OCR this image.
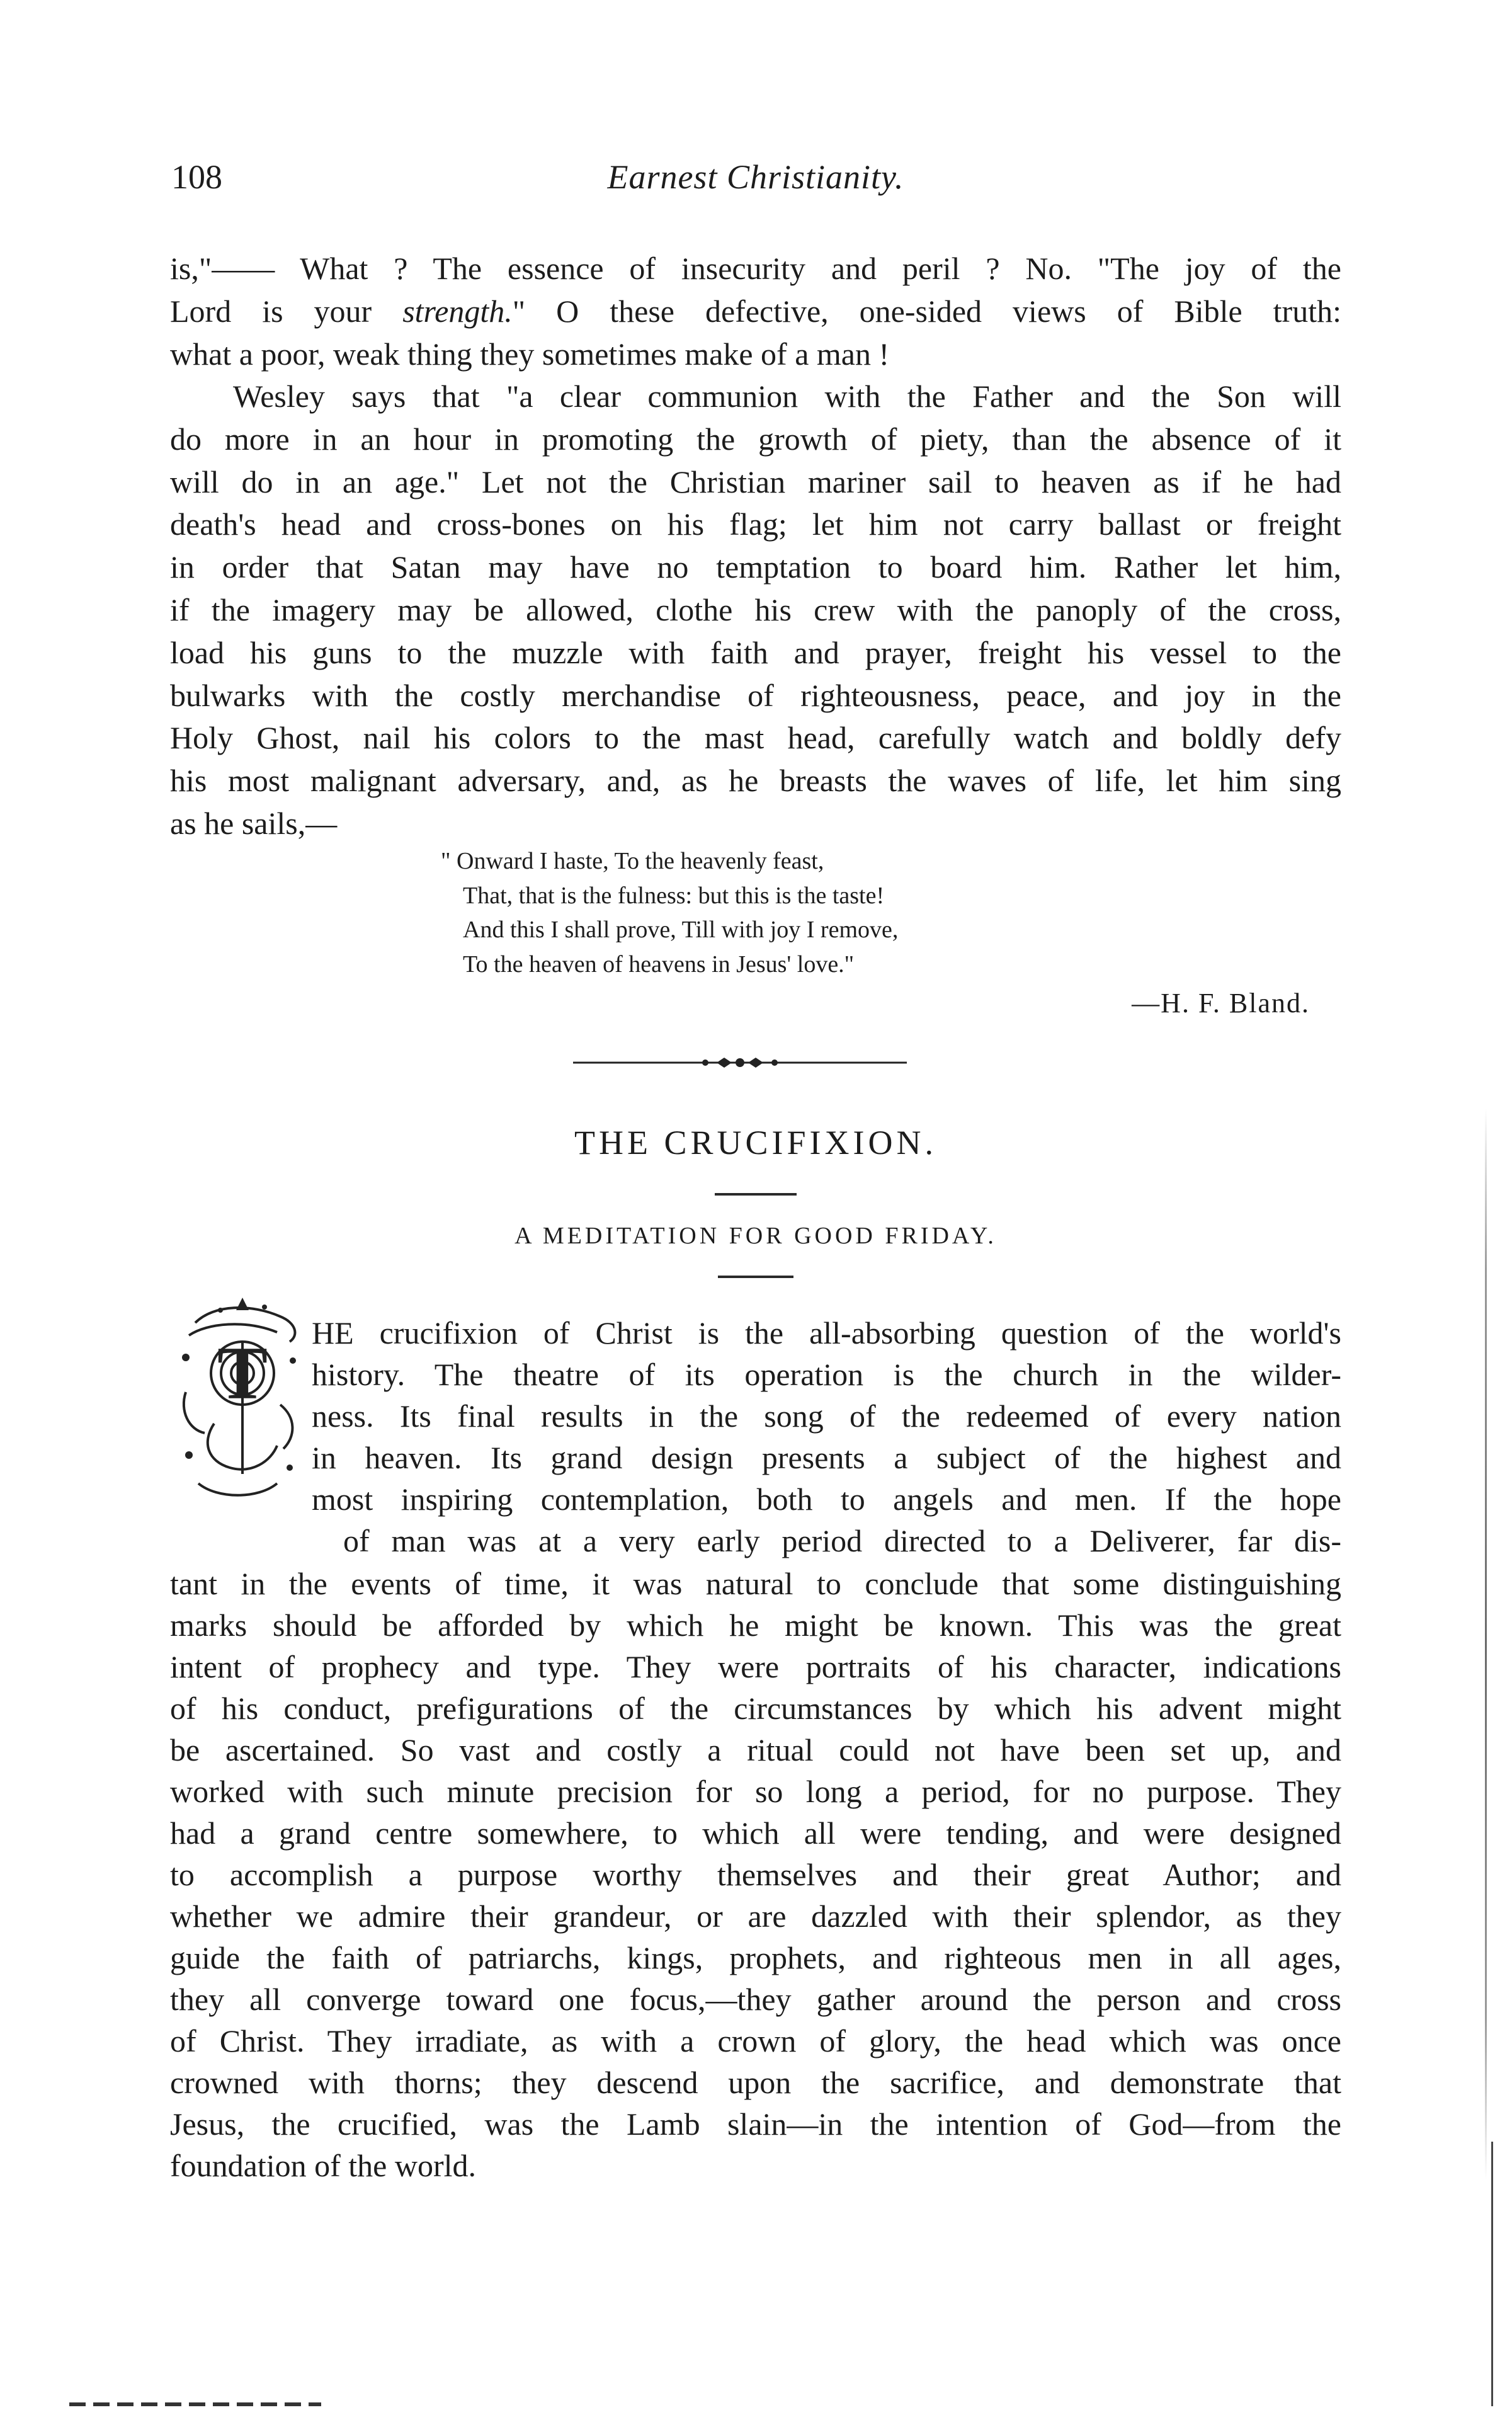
108	Earnest Christianity.

is,"—— What ? The essence of insecurity and peril ? No. "The joy of the
Lord is your strength." O these defective, one-sided views of Bible truth:
what a poor, weak thing they sometimes make of a man !

Wesley says that "a clear communion with the Father and the Son will
do more in an hour in promoting the growth of piety, than the absence of it
will do in an age." Let not the Christian mariner sail to heaven as if he had
death's head and cross-bones on his flag; let him not carry ballast or freight
in order that Satan may have no temptation to board him. Rather let him,
if the imagery may be allowed, clothe his crew with the panoply of the cross,
load his guns to the muzzle with faith and prayer, freight his vessel to the
bulwarks with the costly merchandise of righteousness, peace, and joy in the
Holy Ghost, nail his colors to the mast head, carefully watch and boldly defy
his most malignant adversary, and, as he breasts the waves of life, let him sing
as he sails,—

" Onward I haste, To the heavenly feast,
That, that is the fulness: but this is the taste!
And this I shall prove, Till with joy I remove,
To the heaven of heavens in Jesus' love."
—H. F. Bland.
THE CRUCIFIXION.
A MEDITATION FOR GOOD FRIDAY.
T HE crucifixion of Christ is the all-absorbing question of the world's
history. The theatre of its operation is the church in the wilder-
ness. Its final results in the song of the redeemed of every nation
in heaven. Its grand design presents a subject of the highest and
most inspiring contemplation, both to angels and men. If the hope
of man was at a very early period directed to a Deliverer, far dis-
tant in the events of time, it was natural to conclude that some distinguishing
marks should be afforded by which he might be known. This was the great
intent of prophecy and type. They were portraits of his character, indications
of his conduct, prefigurations of the circumstances by which his advent might
be ascertained. So vast and costly a ritual could not have been set up, and
worked with such minute precision for so long a period, for no purpose. They
had a grand centre somewhere, to which all were tending, and were designed
to accomplish a purpose worthy themselves and their great Author; and
whether we admire their grandeur, or are dazzled with their splendor, as they
guide the faith of patriarchs, kings, prophets, and righteous men in all ages,
they all converge toward one focus,—they gather around the person and cross
of Christ. They irradiate, as with a crown of glory, the head which was once
crowned with thorns; they descend upon the sacrifice, and demonstrate that
Jesus, the crucified, was the Lamb slain—in the intention of God—from the
foundation of the world.
